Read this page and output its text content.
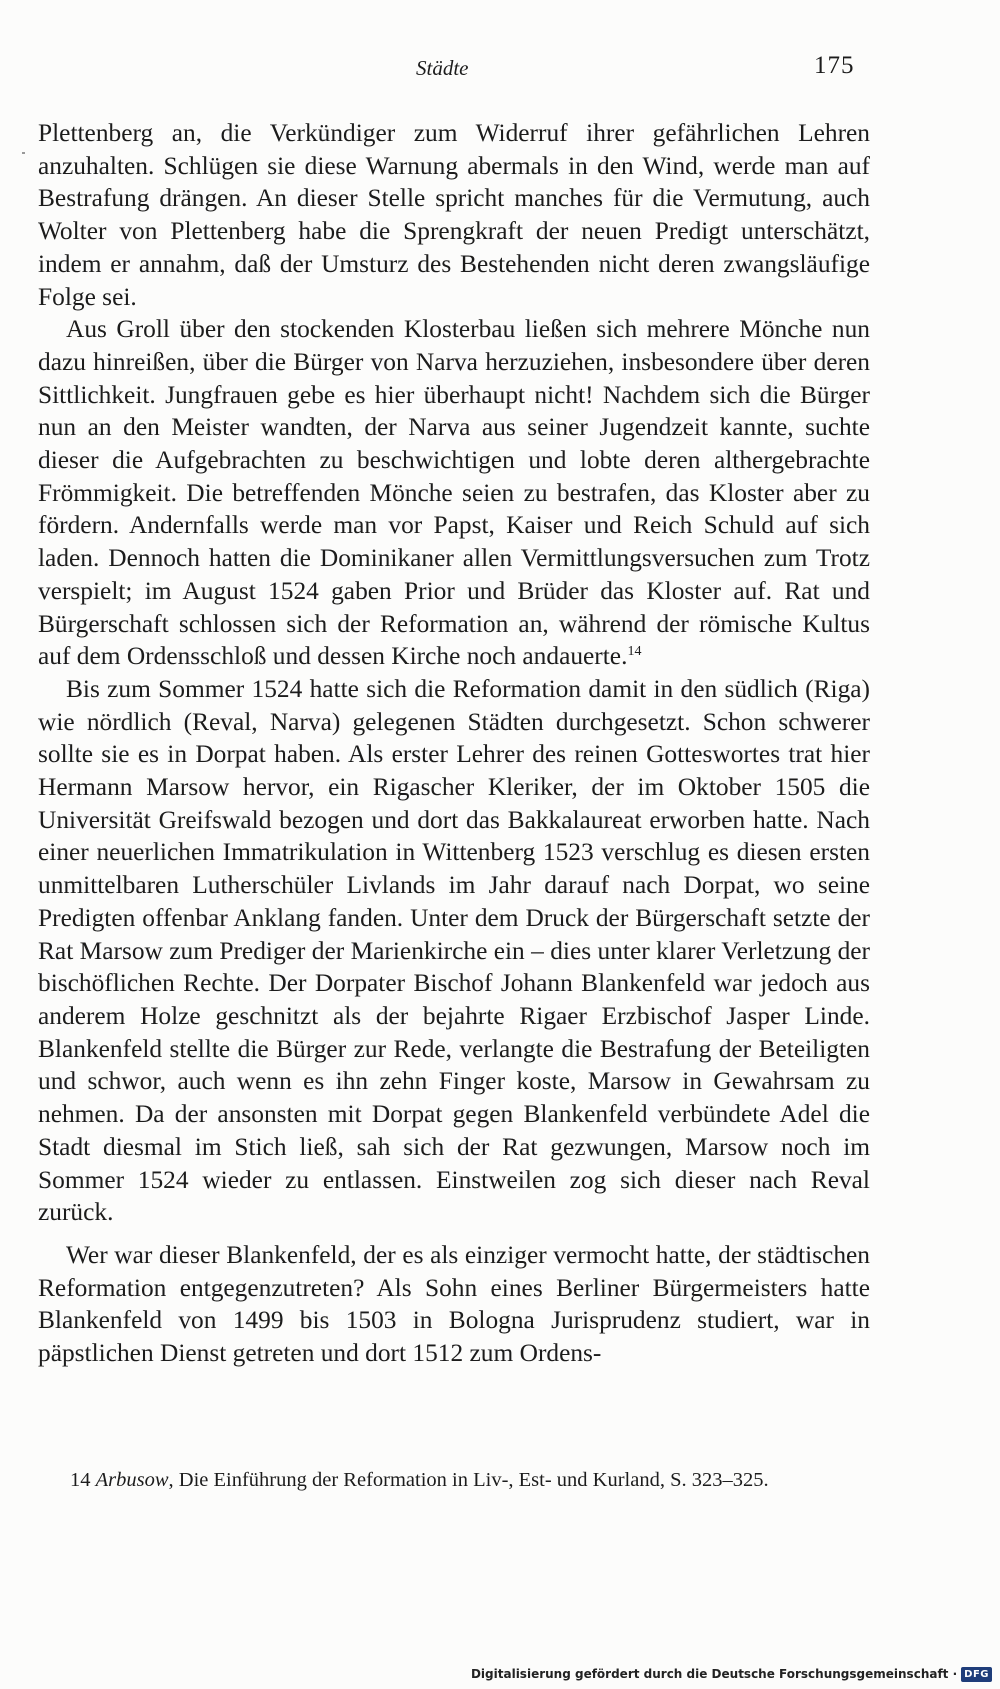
Städte	175

Plettenberg an, die Verkündiger zum Widerruf ihrer gefährlichen Lehren anzuhalten. Schlügen sie diese Warnung abermals in den Wind, werde man auf Bestrafung drängen. An dieser Stelle spricht manches für die Vermutung, auch Wolter von Plettenberg habe die Sprengkraft der neuen Predigt unterschätzt, indem er annahm, daß der Umsturz des Bestehenden nicht deren zwangsläufige Folge sei.

Aus Groll über den stockenden Klosterbau ließen sich mehrere Mönche nun dazu hinreißen, über die Bürger von Narva herzuziehen, insbesondere über deren Sittlichkeit. Jungfrauen gebe es hier überhaupt nicht! Nachdem sich die Bürger nun an den Meister wandten, der Narva aus seiner Jugendzeit kannte, suchte dieser die Aufgebrachten zu beschwichtigen und lobte deren althergebrachte Frömmigkeit. Die betreffenden Mönche seien zu bestrafen, das Kloster aber zu fördern. Andernfalls werde man vor Papst, Kaiser und Reich Schuld auf sich laden. Dennoch hatten die Dominikaner allen Vermittlungsversuchen zum Trotz verspielt; im August 1524 gaben Prior und Brüder das Kloster auf. Rat und Bürgerschaft schlossen sich der Reformation an, während der römische Kultus auf dem Ordensschloß und dessen Kirche noch andauerte.$^{14}$

Bis zum Sommer 1524 hatte sich die Reformation damit in den südlich (Riga) wie nördlich (Reval, Narva) gelegenen Städten durchgesetzt. Schon schwerer sollte sie es in Dorpat haben. Als erster Lehrer des reinen Gotteswortes trat hier Hermann Marsow hervor, ein Rigascher Kleriker, der im Oktober 1505 die Universität Greifswald bezogen und dort das Bakkalaureat erworben hatte. Nach einer neuerlichen Immatrikulation in Wittenberg 1523 verschlug es diesen ersten unmittelbaren Lutherschüler Livlands im Jahr darauf nach Dorpat, wo seine Predigten offenbar Anklang fanden. Unter dem Druck der Bürgerschaft setzte der Rat Marsow zum Prediger der Marienkirche ein – dies unter klarer Verletzung der bischöflichen Rechte. Der Dorpater Bischof Johann Blankenfeld war jedoch aus anderem Holze geschnitzt als der bejahrte Rigaer Erzbischof Jasper Linde. Blankenfeld stellte die Bürger zur Rede, verlangte die Bestrafung der Beteiligten und schwor, auch wenn es ihn zehn Finger koste, Marsow in Gewahrsam zu nehmen. Da der ansonsten mit Dorpat gegen Blankenfeld verbündete Adel die Stadt diesmal im Stich ließ, sah sich der Rat gezwungen, Marsow noch im Sommer 1524 wieder zu entlassen. Einstweilen zog sich dieser nach Reval zurück.

Wer war dieser Blankenfeld, der es als einziger vermocht hatte, der städtischen Reformation entgegenzutreten? Als Sohn eines Berliner Bürgermeisters hatte Blankenfeld von 1499 bis 1503 in Bologna Jurisprudenz studiert, war in päpstlichen Dienst getreten und dort 1512 zum Ordens-

14 Arbusow, Die Einführung der Reformation in Liv-, Est- und Kurland, S. 323–325.
Digitalisierung gefördert durch die Deutsche Forschungsgemeinschaft · DFG
